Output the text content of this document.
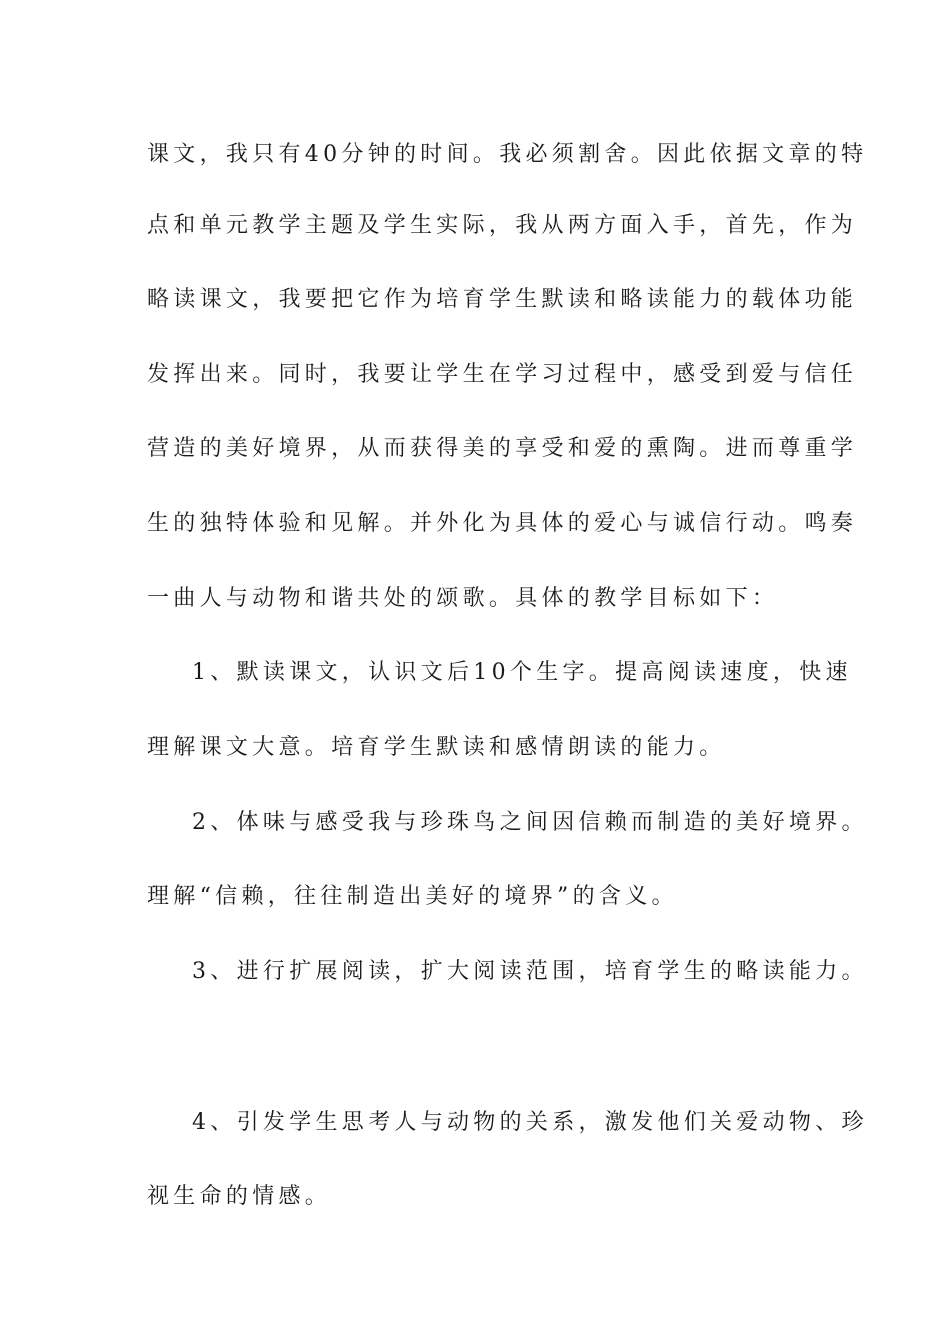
课文，我只有40分钟的时间。我必须割舍。因此依据文章的特
点和单元教学主题及学生实际，我从两方面入手，首先，作为
略读课文，我要把它作为培育学生默读和略读能力的载体功能
发挥出来。同时，我要让学生在学习过程中，感受到爱与信任
营造的美好境界，从而获得美的享受和爱的熏陶。进而尊重学
生的独特体验和见解。并外化为具体的爱心与诚信行动。鸣奏
一曲人与动物和谐共处的颂歌。具体的教学目标如下：
1、默读课文，认识文后10个生字。提高阅读速度，快速
理解课文大意。培育学生默读和感情朗读的能力。
2、体味与感受我与珍珠鸟之间因信赖而制造的美好境界。
理解“信赖，往往制造出美好的境界”的含义。
3、进行扩展阅读，扩大阅读范围，培育学生的略读能力。
4、引发学生思考人与动物的关系，激发他们关爱动物、珍
视生命的情感。
